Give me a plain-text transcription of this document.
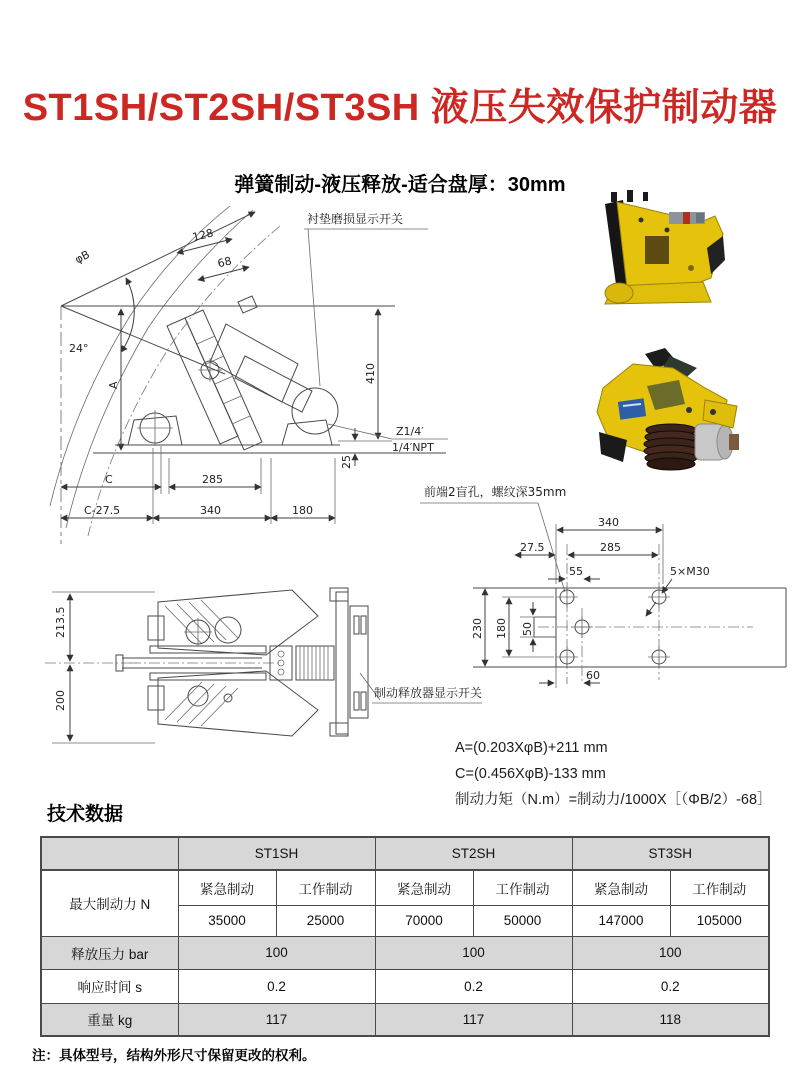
ST1SH/ST2SH/ST3SH 液压失效保护制动器
弹簧制动-液压释放-适合盘厚：30mm
φB
128
68
24°
A
410
25
Z1/4′
1/4′NPT
衬垫磨损显示开关
C	285
C-27.5	340	180
213.5
200	制动释放器显示开关
前端2盲孔，螺纹深35mm
340
27.5	285
55	5×M30
230 180 50
60
A=(0.203XφB)+211 mm
C=(0.456XφB)-133 mm
制动力矩（N.m）=制动力/1000X［（ΦB/2）-68］
技术数据
	ST1SH		ST2SH		ST3SH	
最大制动力 N	紧急制动	工作制动	紧急制动	工作制动	紧急制动	工作制动
	35000	25000	70000	50000	147000	105000
释放压力 bar	100		100		100	
响应时间 s	0.2		0.2		0.2	
重量 kg	117		117		118	
注：具体型号，结构外形尺寸保留更改的权利。
